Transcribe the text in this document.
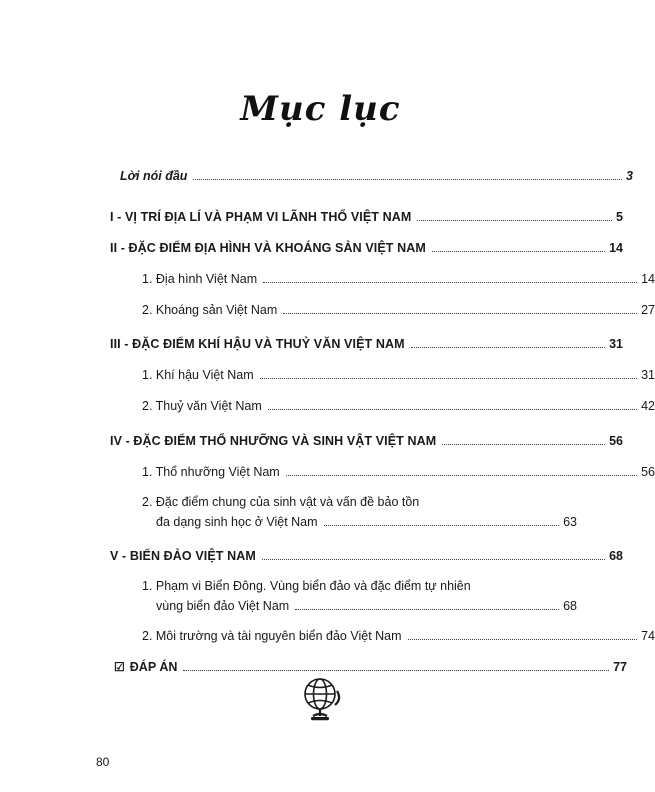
Mục lục
Lời nói đầu	3
I - VỊ TRÍ ĐỊA LÍ VÀ PHẠM VI LÃNH THỔ VIỆT NAM	5
II - ĐẶC ĐIỂM ĐỊA HÌNH VÀ KHOÁNG SẢN VIỆT NAM	14
1. Địa hình Việt Nam	14
2. Khoáng sản Việt Nam	27
III - ĐẶC ĐIỂM KHÍ HẬU VÀ THUỶ VĂN VIỆT NAM	31
1. Khí hậu Việt Nam	31
2. Thuỷ văn Việt Nam	42
IV - ĐẶC ĐIỂM THỔ NHƯỠNG VÀ SINH VẬT VIỆT NAM	56
1. Thổ nhưỡng Việt Nam	56
2. Đặc điểm chung của sinh vật và vấn đề bảo tồn
đa dạng sinh học ở Việt Nam	63
V - BIỂN ĐẢO VIỆT NAM	68
1. Phạm vi Biển Đông. Vùng biển đảo và đặc điểm tự nhiên
vùng biển đảo Việt Nam	68
2. Môi trường và tài nguyên biển đảo Việt Nam	74
☑ ĐÁP ÁN	77
80
